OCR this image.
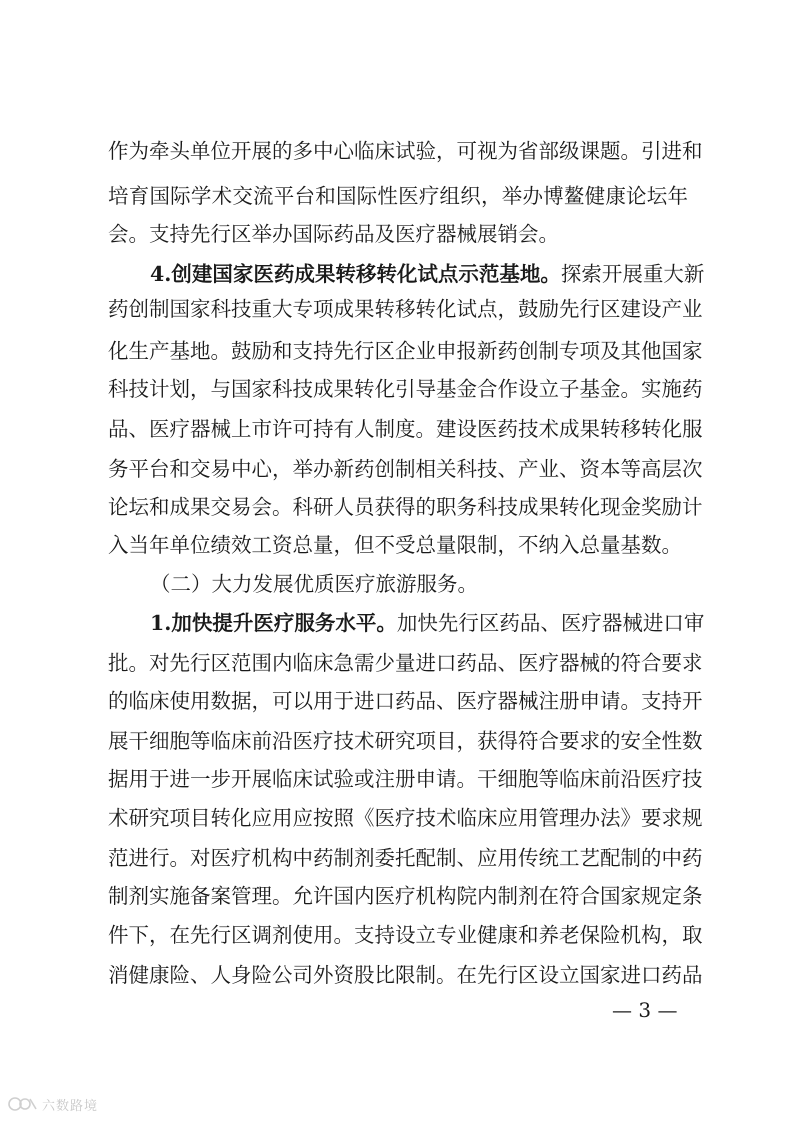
作为牵头单位开展的多中心临床试验，可视为省部级课题。引进和
培育国际学术交流平台和国际性医疗组织，举办博鳌健康论坛年
会。支持先行区举办国际药品及医疗器械展销会。
4.创建国家医药成果转移转化试点示范基地。探索开展重大新
药创制国家科技重大专项成果转移转化试点，鼓励先行区建设产业
化生产基地。鼓励和支持先行区企业申报新药创制专项及其他国家
科技计划，与国家科技成果转化引导基金合作设立子基金。实施药
品、医疗器械上市许可持有人制度。建设医药技术成果转移转化服
务平台和交易中心，举办新药创制相关科技、产业、资本等高层次
论坛和成果交易会。科研人员获得的职务科技成果转化现金奖励计
入当年单位绩效工资总量，但不受总量限制，不纳入总量基数。
（二）大力发展优质医疗旅游服务。
1.加快提升医疗服务水平。加快先行区药品、医疗器械进口审
批。对先行区范围内临床急需少量进口药品、医疗器械的符合要求
的临床使用数据，可以用于进口药品、医疗器械注册申请。支持开
展干细胞等临床前沿医疗技术研究项目，获得符合要求的安全性数
据用于进一步开展临床试验或注册申请。干细胞等临床前沿医疗技
术研究项目转化应用应按照《医疗技术临床应用管理办法》要求规
范进行。对医疗机构中药制剂委托配制、应用传统工艺配制的中药
制剂实施备案管理。允许国内医疗机构院内制剂在符合国家规定条
件下，在先行区调剂使用。支持设立专业健康和养老保险机构，取
消健康险、人身险公司外资股比限制。在先行区设立国家进口药品
— 3 —
六数路境
